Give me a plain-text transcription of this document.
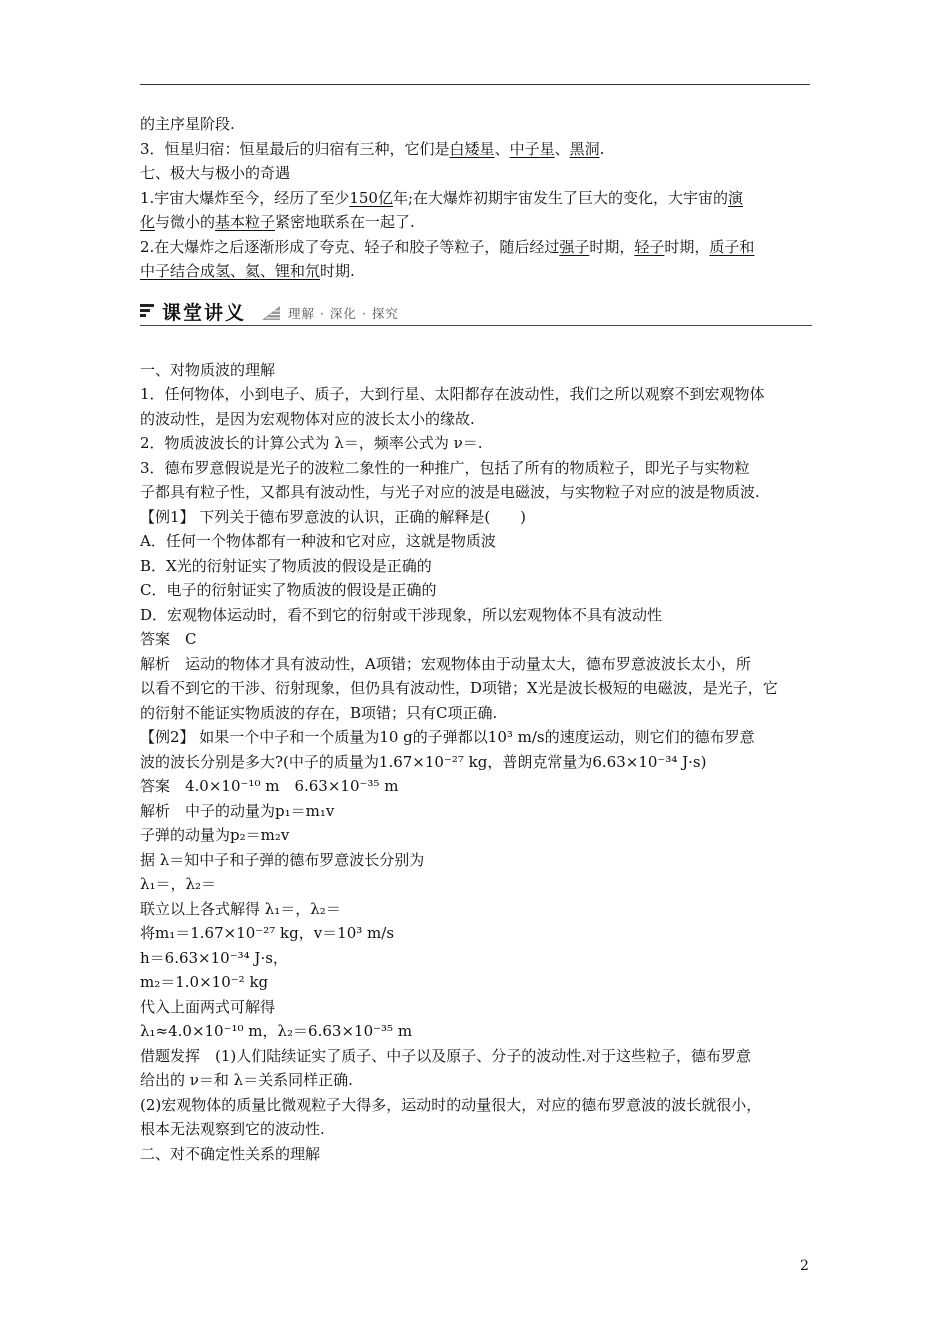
的主序星阶段.

3．恒星归宿：恒星最后的归宿有三种，它们是白矮星、中子星、黑洞.

七、极大与极小的奇遇

1.宇宙大爆炸至今，经历了至少150亿年;在大爆炸初期宇宙发生了巨大的变化，大宇宙的演

化与微小的基本粒子紧密地联系在一起了.

2.在大爆炸之后逐渐形成了夸克、轻子和胶子等粒子，随后经过强子时期，轻子时期，质子和

中子结合成氢、氦、锂和氘时期.

课堂讲义	理解 · 深化 · 探究

一、对物质波的理解

1．任何物体，小到电子、质子，大到行星、太阳都存在波动性，我们之所以观察不到宏观物体

的波动性，是因为宏观物体对应的波长太小的缘故.

2．物质波波长的计算公式为 λ＝，频率公式为 ν＝.

3．德布罗意假说是光子的波粒二象性的一种推广，包括了所有的物质粒子，即光子与实物粒

子都具有粒子性，又都具有波动性，与光子对应的波是电磁波，与实物粒子对应的波是物质波.

【例1】 下列关于德布罗意波的认识，正确的解释是(　　)

A．任何一个物体都有一种波和它对应，这就是物质波

B．X光的衍射证实了物质波的假设是正确的

C．电子的衍射证实了物质波的假设是正确的

D．宏观物体运动时，看不到它的衍射或干涉现象，所以宏观物体不具有波动性

答案　C

解析　运动的物体才具有波动性，A项错；宏观物体由于动量太大，德布罗意波波长太小，所

以看不到它的干涉、衍射现象，但仍具有波动性，D项错；X光是波长极短的电磁波，是光子，它

的衍射不能证实物质波的存在，B项错；只有C项正确.

【例2】 如果一个中子和一个质量为10 g的子弹都以10³ m/s的速度运动，则它们的德布罗意

波的波长分别是多大?(中子的质量为1.67×10⁻²⁷ kg，普朗克常量为6.63×10⁻³⁴ J·s)

答案　4.0×10⁻¹⁰ m　6.63×10⁻³⁵ m

解析　中子的动量为p₁＝m₁v

子弹的动量为p₂＝m₂v

据 λ＝知中子和子弹的德布罗意波长分别为

λ₁＝，λ₂＝

联立以上各式解得 λ₁＝，λ₂＝

将m₁＝1.67×10⁻²⁷ kg，v＝10³ m/s

h＝6.63×10⁻³⁴ J·s，

m₂＝1.0×10⁻² kg

代入上面两式可解得

λ₁≈4.0×10⁻¹⁰ m，λ₂＝6.63×10⁻³⁵ m

借题发挥　(1)人们陆续证实了质子、中子以及原子、分子的波动性.对于这些粒子，德布罗意

给出的 ν＝和 λ＝关系同样正确.

(2)宏观物体的质量比微观粒子大得多，运动时的动量很大，对应的德布罗意波的波长就很小，

根本无法观察到它的波动性.

二、对不确定性关系的理解

2
